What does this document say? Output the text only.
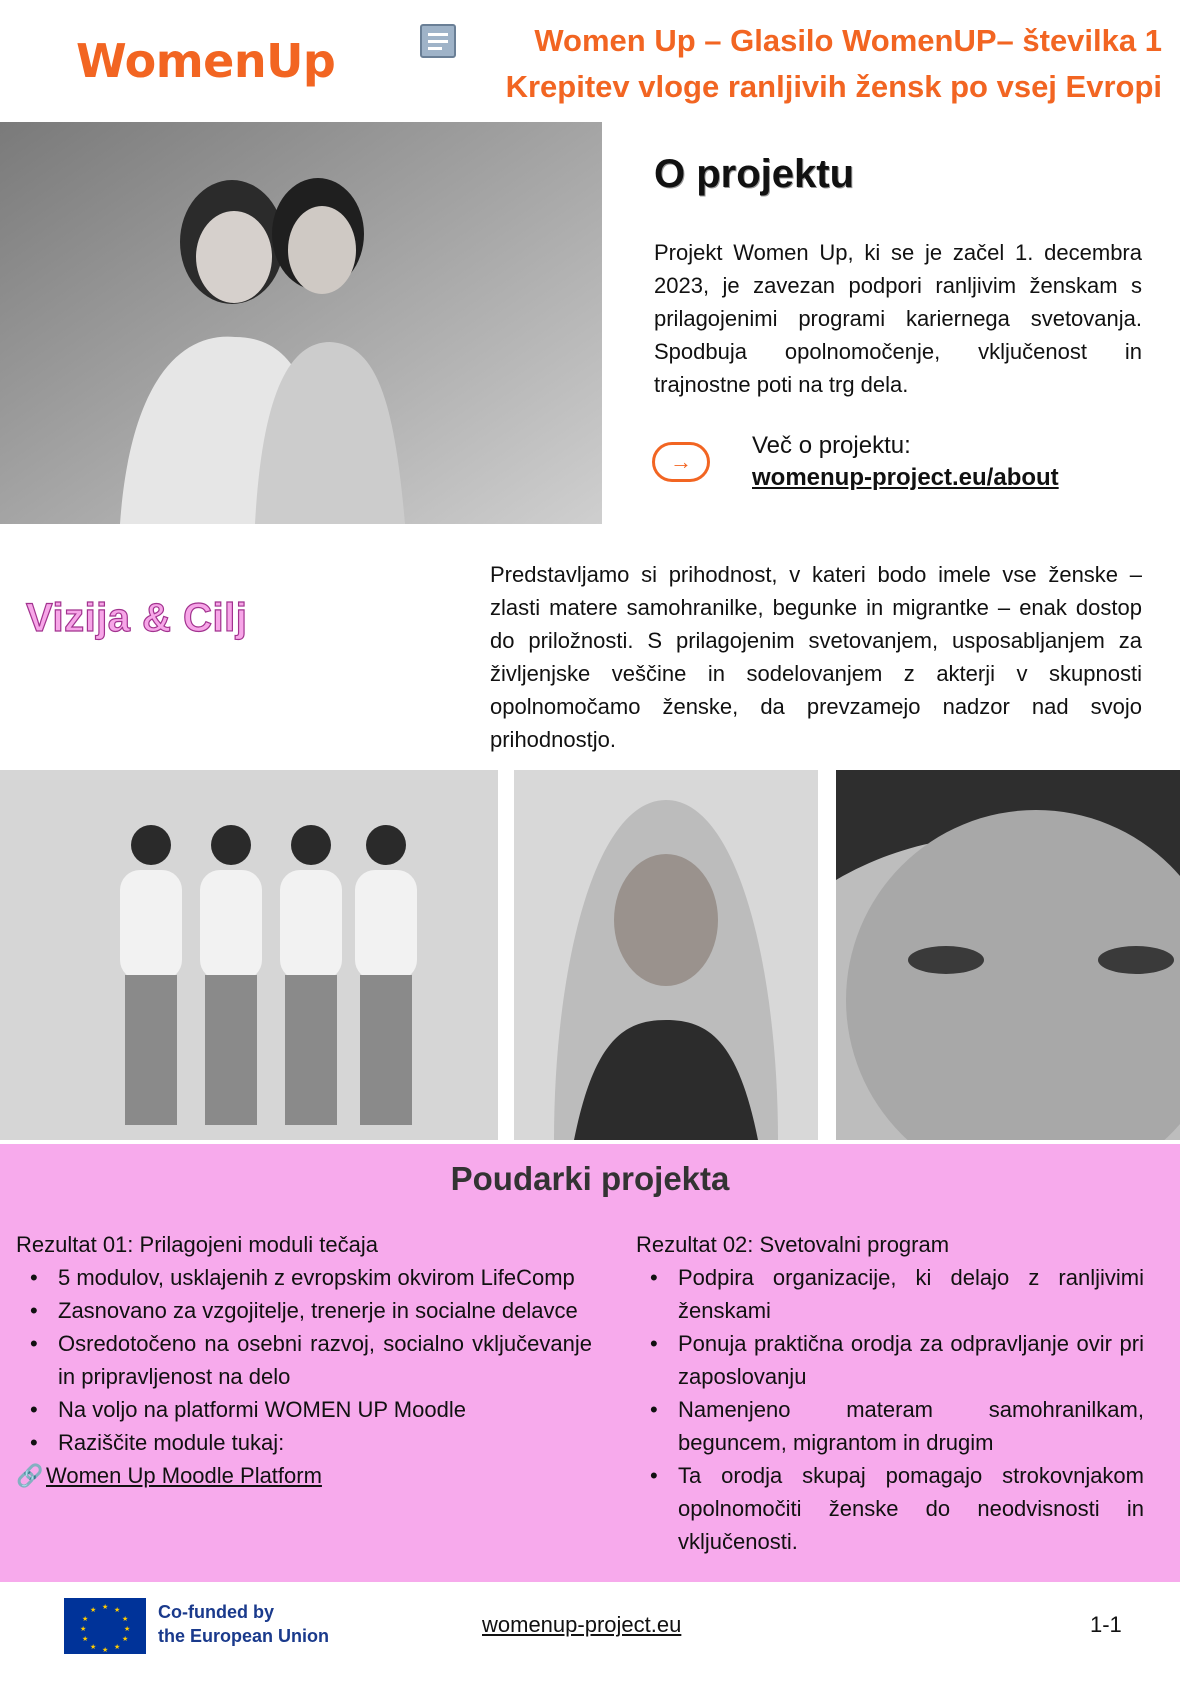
WomenUp	Women Up – Glasilo WomenUP– številka 1
Krepitev vloge ranljivih žensk po vsej Evropi
O projektu
Projekt Women Up, ki se je začel 1. decembra 2023, je zavezan podpori ranljivim ženskam s prilagojenimi programi kariernega svetovanja. Spodbuja opolnomočenje, vključenost in trajnostne poti na trg dela.
→
Več o projektu:
womenup-project.eu/about
Vizija & Cilj
Predstavljamo si prihodnost, v kateri bodo imele vse ženske – zlasti matere samohranilke, begunke in migrantke – enak dostop do priložnosti. S prilagojenim svetovanjem, usposabljanjem za življenjske veščine in sodelovanjem z akterji v skupnosti opolnomočamo ženske, da prevzamejo nadzor nad svojo prihodnostjo.
Poudarki projekta
Rezultat 01: Prilagojeni moduli tečaja
• 5 modulov, usklajenih z evropskim okvirom LifeComp
• Zasnovano za vzgojitelje, trenerje in socialne delavce
• Osredotočeno na osebni razvoj, socialno vključevanje in pripravljenost na delo
• Na voljo na platformi WOMEN UP Moodle
• Raziščite module tukaj:
🔗 Women Up Moodle Platform
Rezultat 02: Svetovalni program
• Podpira organizacije, ki delajo z ranljivimi ženskami
• Ponuja praktična orodja za odpravljanje ovir pri zaposlovanju
• Namenjeno materam samohranilkam, beguncem, migrantom in drugim
• Ta orodja skupaj pomagajo strokovnjakom opolnomočiti ženske do neodvisnosti in vključenosti.
★ ★
★
★
★
★
★
★
★
★
★
★	Co-funded by
the European Union	womenup-project.eu	1-1
